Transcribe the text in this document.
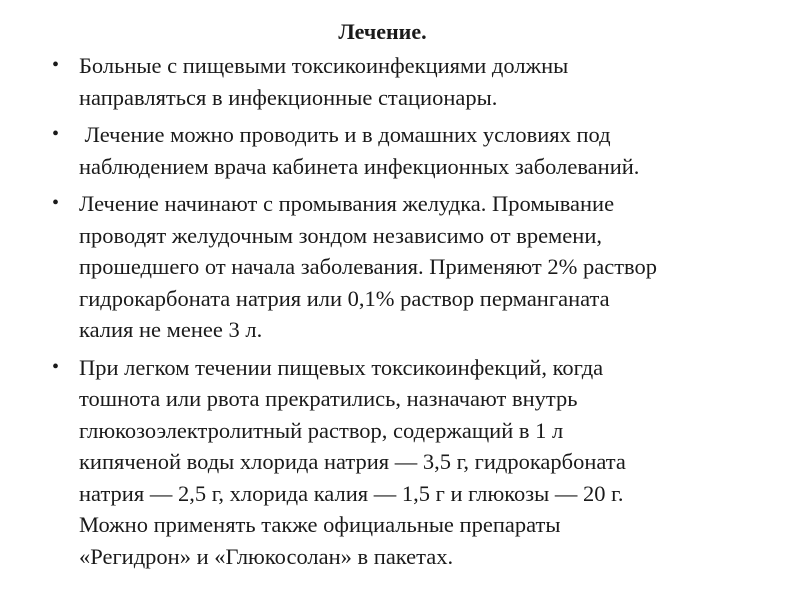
Лечение.
• Больные с пищевыми токсикоинфекциями должны
направляться в инфекционные стационары.
• Лечение можно проводить и в домашних условиях под
наблюдением врача кабинета инфекционных заболеваний.
• Лечение начинают с промывания желудка. Промывание
проводят желудочным зондом независимо от времени,
прошедшего от начала заболевания. Применяют 2% раствор
гидрокарбоната натрия или 0,1% раствор перманганата
калия не менее 3 л.
• При легком течении пищевых токсикоинфекций, когда
тошнота или рвота прекратились, назначают внутрь
глюкозоэлектролитный раствор, содержащий в 1 л
кипяченой воды хлорида натрия — 3,5 г, гидрокарбоната
натрия — 2,5 г, хлорида калия — 1,5 г и глюкозы — 20 г.
Можно применять также официальные препараты
«Регидрон» и «Глюкосолан» в пакетах.
